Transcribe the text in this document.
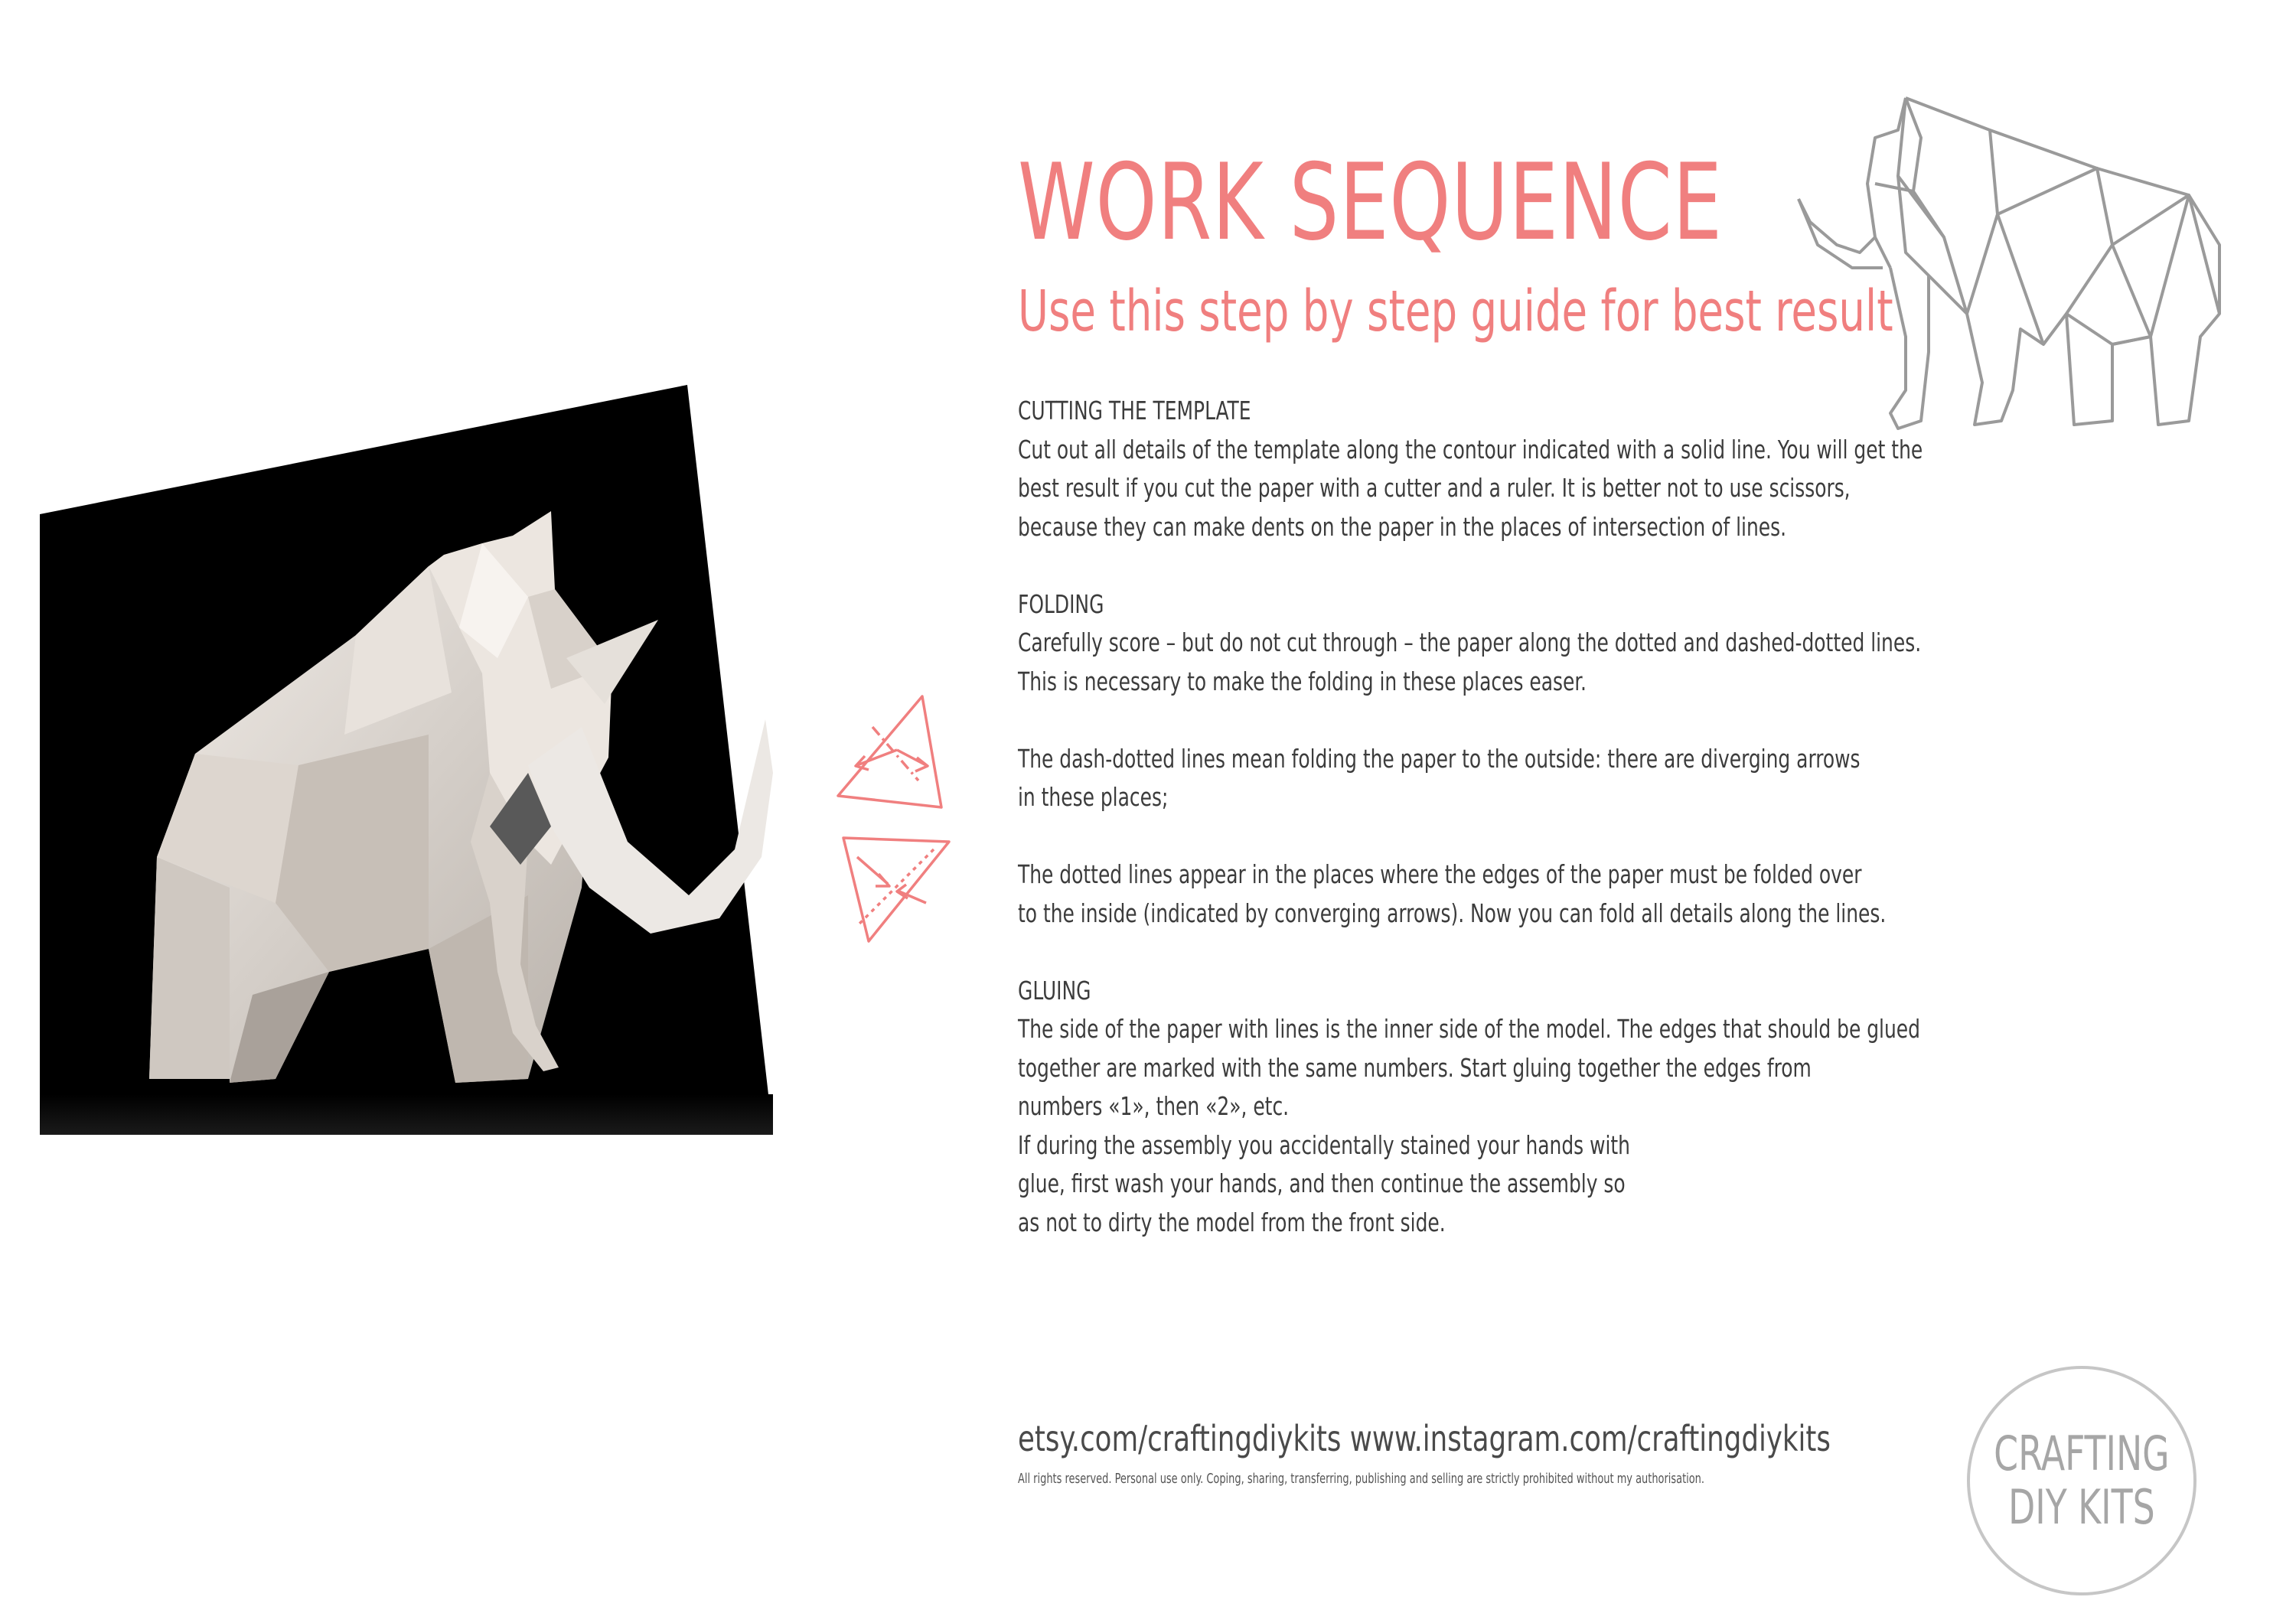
WORK SEQUENCE
Use this step by step guide for best result
CUTTING THE TEMPLATE
Cut out all details of the template along the contour indicated with a solid line. You will get the
best result if you cut the paper with a cutter and a ruler. It is better not to use scissors,
because they can make dents on the paper in the places of intersection of lines.
FOLDING
Carefully score – but do not cut through – the paper along the dotted and dashed-dotted lines.
This is necessary to make the folding in these places easer.
The dash-dotted lines mean folding the paper to the outside: there are diverging arrows
in these places;
The dotted lines appear in the places where the edges of the paper must be folded over
to the inside (indicated by converging arrows). Now you can fold all details along the lines.
GLUING
The side of the paper with lines is the inner side of the model. The edges that should be glued
together are marked with the same numbers. Start gluing together the edges from
numbers «1», then «2», etc.
If during the assembly you accidentally stained your hands with
glue, first wash your hands, and then continue the assembly so
as not to dirty the model from the front side.

etsy.com/craftingdiykits www.instagram.com/craftingdiykits

All rights reserved. Personal use only. Coping, sharing, transferring, publishing and selling are strictly prohibited without my authorisation.	CRAFTING
DIY KITS
